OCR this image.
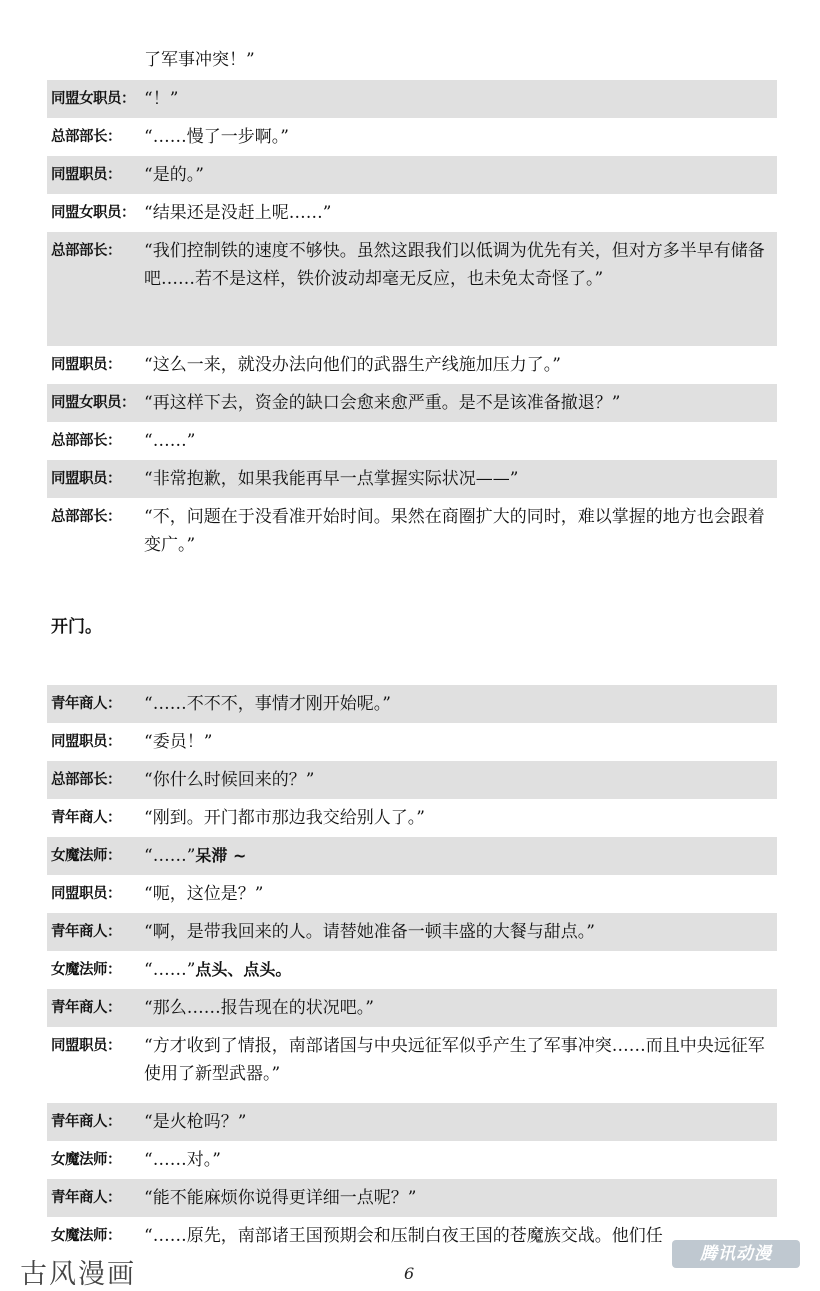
了军事冲突！”
同盟女职员： “！”
总部部长：	“……慢了一步啊。”
同盟职员：	“是的。”
同盟女职员： “结果还是没赶上呢……”
总部部长：	“我们控制铁的速度不够快。虽然这跟我们以低调为优先有关，但对方多半早有储备吧……若不是这样，铁价波动却毫无反应，也未免太奇怪了。”
同盟职员：	“这么一来，就没办法向他们的武器生产线施加压力了。”
同盟女职员： “再这样下去，资金的缺口会愈来愈严重。是不是该准备撤退？”
总部部长：	“……”
同盟职员：	“非常抱歉，如果我能再早一点掌握实际状况——”
总部部长：	“不，问题在于没看准开始时间。果然在商圈扩大的同时，难以掌握的地方也会跟着变广。”
开门。
青年商人：	“……不不不，事情才刚开始呢。”
同盟职员：	“委员！”
总部部长：	“你什么时候回来的？”
青年商人：	“刚到。开门都市那边我交给别人了。”
女魔法师：	“……”呆滞 ~
同盟职员：	“呃，这位是？”
青年商人：	“啊，是带我回来的人。请替她准备一顿丰盛的大餐与甜点。”
女魔法师：	“……”点头、点头。
青年商人：	“那么……报告现在的状况吧。”
同盟职员：	“方才收到了情报，南部诸国与中央远征军似乎产生了军事冲突……而且中央远征军使用了新型武器。”
青年商人：	“是火枪吗？”
女魔法师：	“……对。”
青年商人：	“能不能麻烦你说得更详细一点呢？”
女魔法师：	“……原先，南部诸王国预期会和压制白夜王国的苍魔族交战。他们任
古风漫画	6
腾讯动漫
